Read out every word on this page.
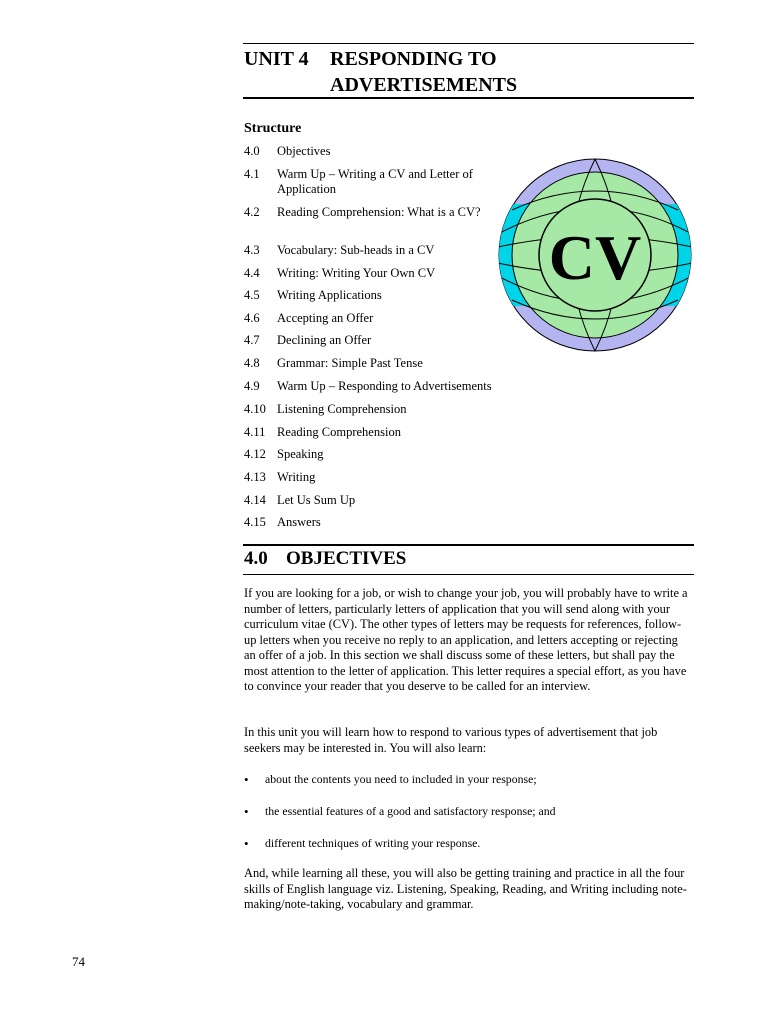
UNIT 4 RESPONDING TO
ADVERTISEMENTS
Structure
4.0	Objectives
4.1	Warm Up – Writing a CV and Letter of Application
4.2	Reading Comprehension: What is a CV?
4.3	Vocabulary: Sub-heads in a CV
4.4	Writing: Writing Your Own CV
4.5	Writing Applications
4.6	Accepting an Offer
4.7	Declining an Offer
4.8	Grammar: Simple Past Tense
4.9	Warm Up – Responding to Advertisements
4.10 Listening Comprehension
4.11 Reading Comprehension
4.12 Speaking
4.13 Writing
4.14 Let Us Sum Up
4.15 Answers
CV
4.0 OBJECTIVES

If you are looking for a job, or wish to change your job, you will probably have to write a number of letters, particularly letters of application that you will send along with your curriculum vitae (CV). The other types of letters may be requests for references, follow-up letters when you receive no reply to an application, and letters accepting or rejecting an offer of a job. In this section we shall discuss some of these letters, but shall pay the most attention to the letter of application. This letter requires a special effort, as you have to convince your reader that you deserve to be called for an interview.

In this unit you will learn how to respond to various types of advertisement that job seekers may be interested in. You will also learn:

•	about the contents you need to included in your response;
•	the essential features of a good and satisfactory response; and
•	different techniques of writing your response.

And, while learning all these, you will also be getting training and practice in all the four skills of English language viz. Listening, Speaking, Reading, and Writing including note-making/note-taking, vocabulary and grammar.

74
